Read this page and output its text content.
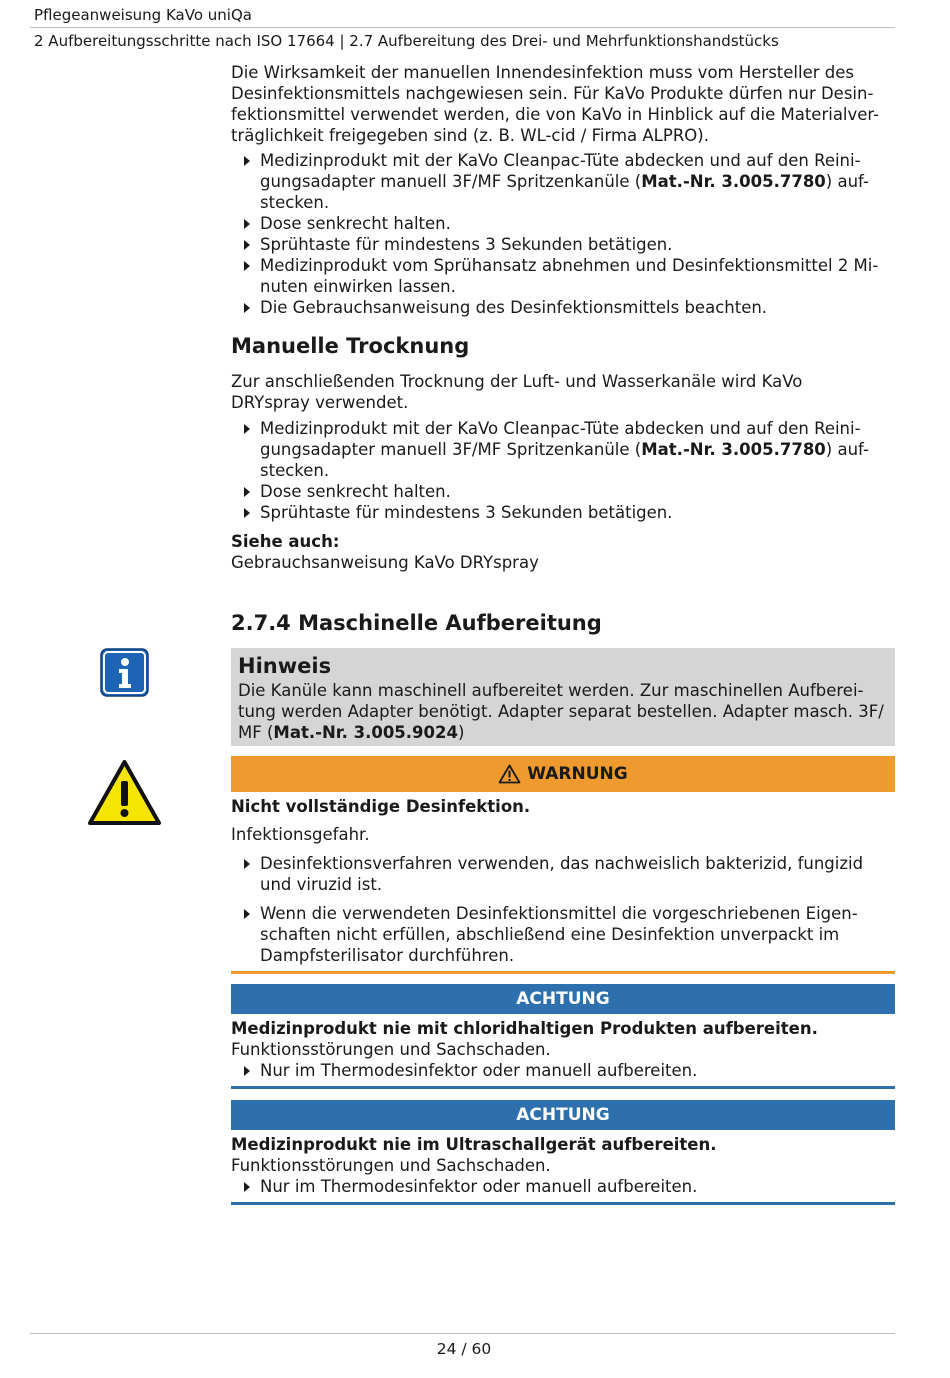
Pflegeanweisung KaVo uniQa
2 Aufbereitungsschritte nach ISO 17664 | 2.7 Aufbereitung des Drei- und Mehrfunktionshandstücks

Die Wirksamkeit der manuellen Innendesinfektion muss vom Hersteller des
Desinfektionsmittels nachgewiesen sein. Für KaVo Produkte dürfen nur Desin-
fektionsmittel verwendet werden, die von KaVo in Hinblick auf die Materialver-
träglichkeit freigegeben sind (z. B. WL-cid / Firma ALPRO).

Medizinprodukt mit der KaVo Cleanpac-Tüte abdecken und auf den Reini-
gungsadapter manuell 3F/MF Spritzenkanüle (Mat.-Nr. 3.005.7780) auf-
stecken.
Dose senkrecht halten.
Sprühtaste für mindestens 3 Sekunden betätigen.
Medizinprodukt vom Sprühansatz abnehmen und Desinfektionsmittel 2 Mi-
nuten einwirken lassen.
Die Gebrauchsanweisung des Desinfektionsmittels beachten.
Manuelle Trocknung

Zur anschließenden Trocknung der Luft- und Wasserkanäle wird KaVo
DRYspray verwendet.

Medizinprodukt mit der KaVo Cleanpac-Tüte abdecken und auf den Reini-
gungsadapter manuell 3F/MF Spritzenkanüle (Mat.-Nr. 3.005.7780) auf-
stecken.
Dose senkrecht halten.
Sprühtaste für mindestens 3 Sekunden betätigen.

Siehe auch:

Gebrauchsanweisung KaVo DRYspray

2.7.4 Maschinelle Aufbereitung
Hinweis

Die Kanüle kann maschinell aufbereitet werden. Zur maschinellen Aufberei-
tung werden Adapter benötigt. Adapter separat bestellen. Adapter masch. 3F/
MF (Mat.-Nr. 3.005.9024)

WARNUNG

Nicht vollständige Desinfektion.

Infektionsgefahr.

Desinfektionsverfahren verwenden, das nachweislich bakterizid, fungizid
und viruzid ist.
Wenn die verwendeten Desinfektionsmittel die vorgeschriebenen Eigen-
schaften nicht erfüllen, abschließend eine Desinfektion unverpackt im
Dampfsterilisator durchführen.
ACHTUNG

Medizinprodukt nie mit chloridhaltigen Produkten aufbereiten.

Funktionsstörungen und Sachschaden.

Nur im Thermodesinfektor oder manuell aufbereiten.
ACHTUNG

Medizinprodukt nie im Ultraschallgerät aufbereiten.

Funktionsstörungen und Sachschaden.

Nur im Thermodesinfektor oder manuell aufbereiten.
24 / 60
